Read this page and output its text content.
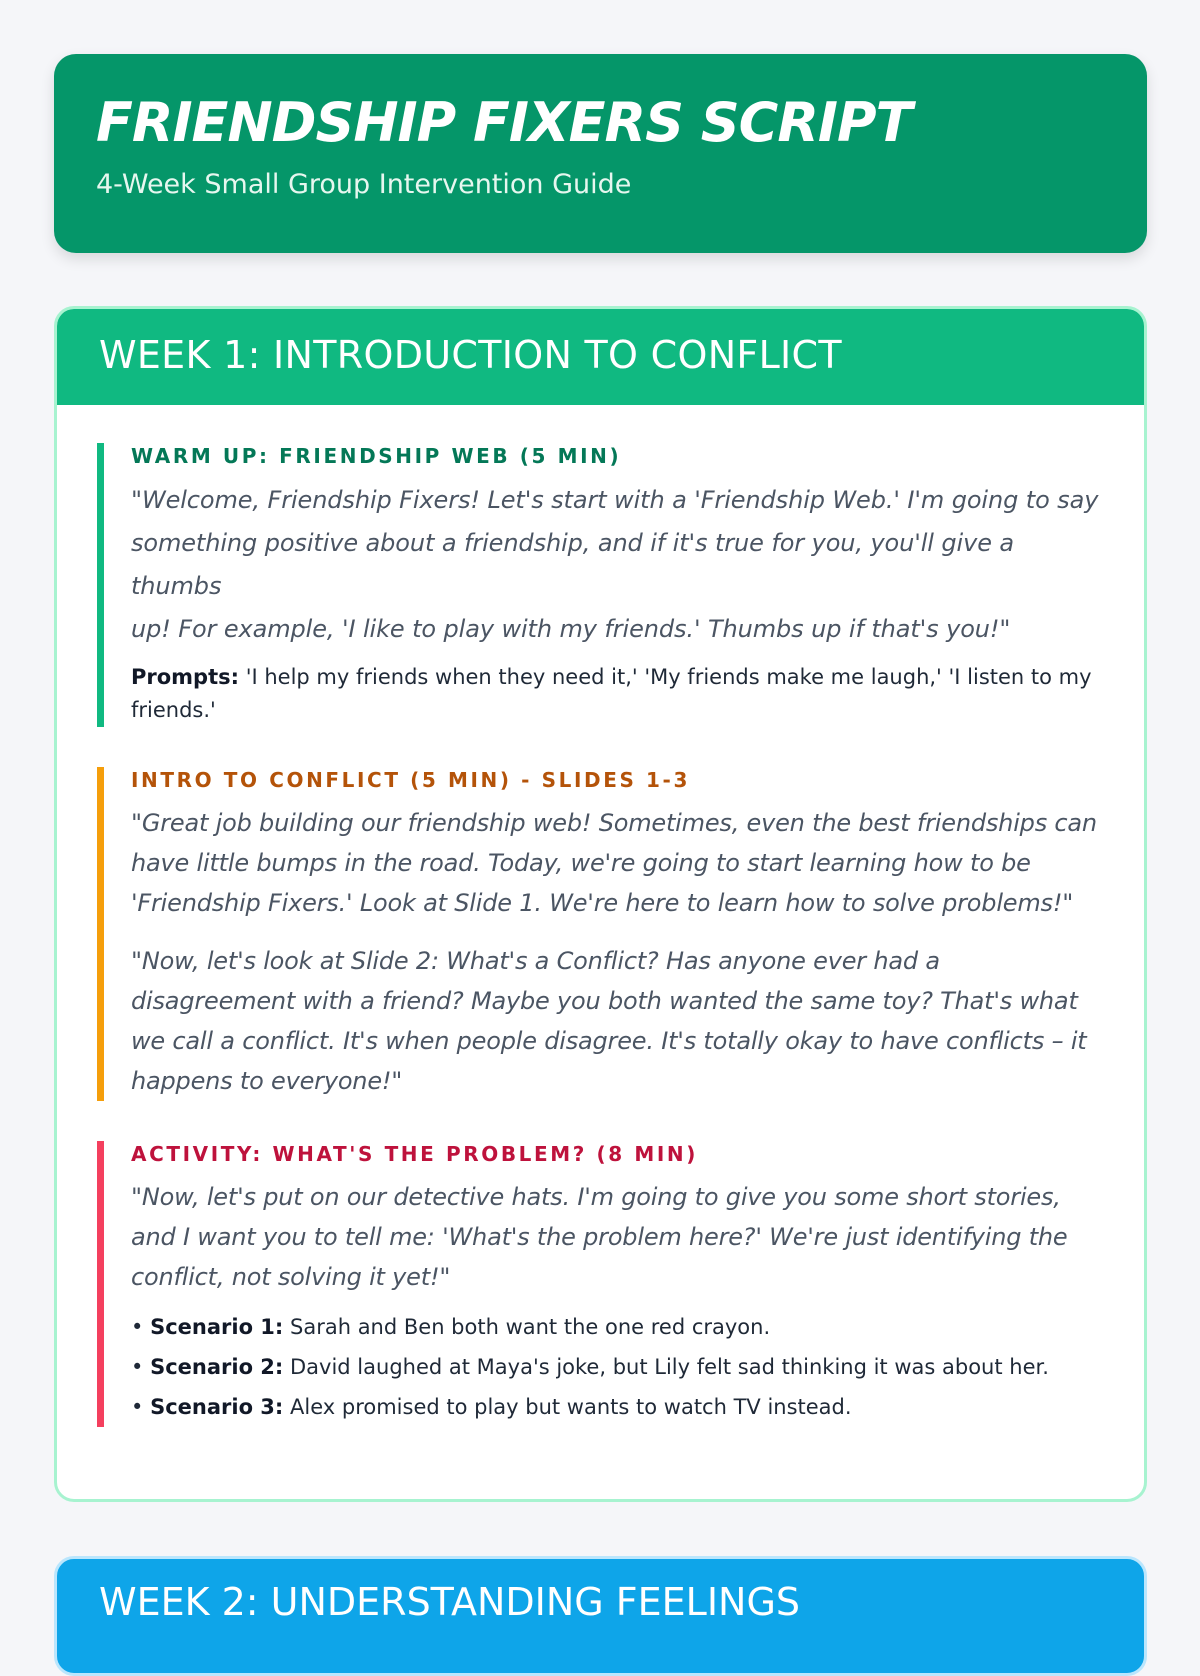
FRIENDSHIP FIXERS SCRIPT
4-Week Small Group Intervention Guide
WEEK 1: INTRODUCTION TO CONFLICT
WARM UP: FRIENDSHIP WEB (5 MIN)

"Welcome, Friendship Fixers! Let's start with a 'Friendship Web.' I'm going to say
something positive about a friendship, and if it's true for you, you'll give a thumbs
up! For example, 'I like to play with my friends.' Thumbs up if that's you!"

Prompts: 'I help my friends when they need it,' 'My friends make me laugh,' 'I listen to my
friends.'
INTRO TO CONFLICT (5 MIN) - SLIDES 1-3

"Great job building our friendship web! Sometimes, even the best friendships can
have little bumps in the road. Today, we're going to start learning how to be
'Friendship Fixers.' Look at Slide 1. We're here to learn how to solve problems!"

"Now, let's look at Slide 2: What's a Conflict? Has anyone ever had a
disagreement with a friend? Maybe you both wanted the same toy? That's what
we call a conflict. It's when people disagree. It's totally okay to have conflicts – it
happens to everyone!"

ACTIVITY: WHAT'S THE PROBLEM? (8 MIN)

"Now, let's put on our detective hats. I'm going to give you some short stories,
and I want you to tell me: 'What's the problem here?' We're just identifying the
conflict, not solving it yet!"

• Scenario 1: Sarah and Ben both want the one red crayon.
• Scenario 2: David laughed at Maya's joke, but Lily felt sad thinking it was about her.
• Scenario 3: Alex promised to play but wants to watch TV instead.
WEEK 2: UNDERSTANDING FEELINGS
